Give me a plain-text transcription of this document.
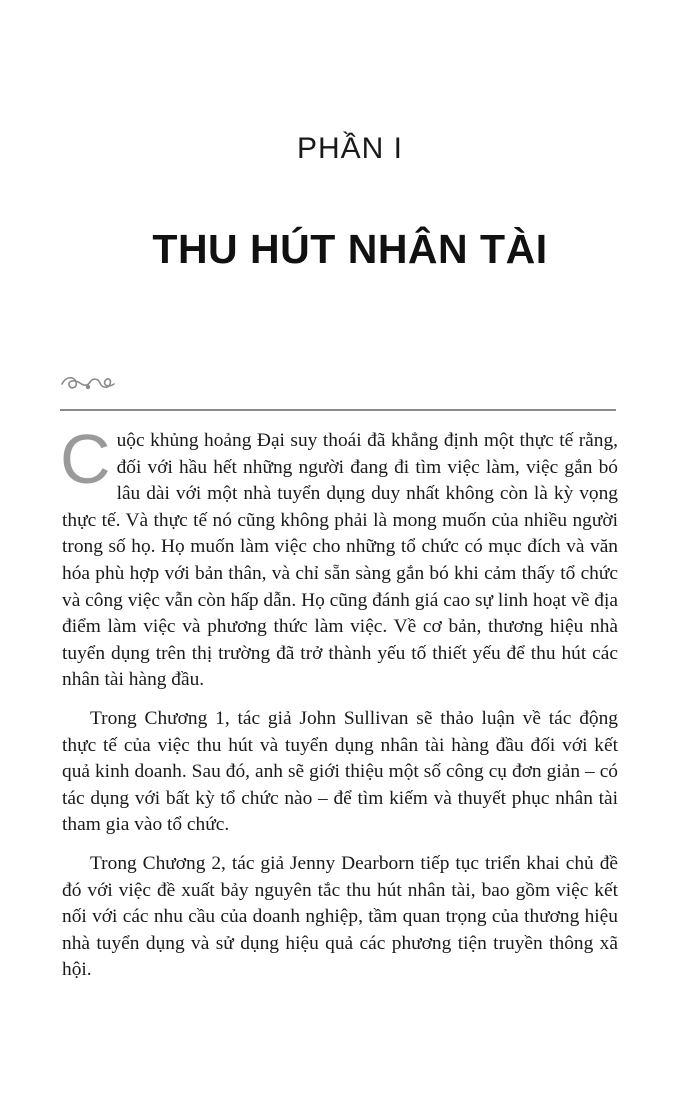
PHẦN I
THU HÚT NHÂN TÀI

Cuộc khủng hoảng Đại suy thoái đã khẳng định một thực tế rằng, đối với hầu hết những người đang đi tìm việc làm, việc gắn bó lâu dài với một nhà tuyển dụng duy nhất không còn là kỳ vọng thực tế. Và thực tế nó cũng không phải là mong muốn của nhiều người trong số họ. Họ muốn làm việc cho những tổ chức có mục đích và văn hóa phù hợp với bản thân, và chỉ sẵn sàng gắn bó khi cảm thấy tổ chức và công việc vẫn còn hấp dẫn. Họ cũng đánh giá cao sự linh hoạt về địa điểm làm việc và phương thức làm việc. Về cơ bản, thương hiệu nhà tuyển dụng trên thị trường đã trở thành yếu tố thiết yếu để thu hút các nhân tài hàng đầu.

Trong Chương 1, tác giả John Sullivan sẽ thảo luận về tác động thực tế của việc thu hút và tuyển dụng nhân tài hàng đầu đối với kết quả kinh doanh. Sau đó, anh sẽ giới thiệu một số công cụ đơn giản – có tác dụng với bất kỳ tổ chức nào – để tìm kiếm và thuyết phục nhân tài tham gia vào tổ chức.

Trong Chương 2, tác giả Jenny Dearborn tiếp tục triển khai chủ đề đó với việc đề xuất bảy nguyên tắc thu hút nhân tài, bao gồm việc kết nối với các nhu cầu của doanh nghiệp, tầm quan trọng của thương hiệu nhà tuyển dụng và sử dụng hiệu quả các phương tiện truyền thông xã hội.
